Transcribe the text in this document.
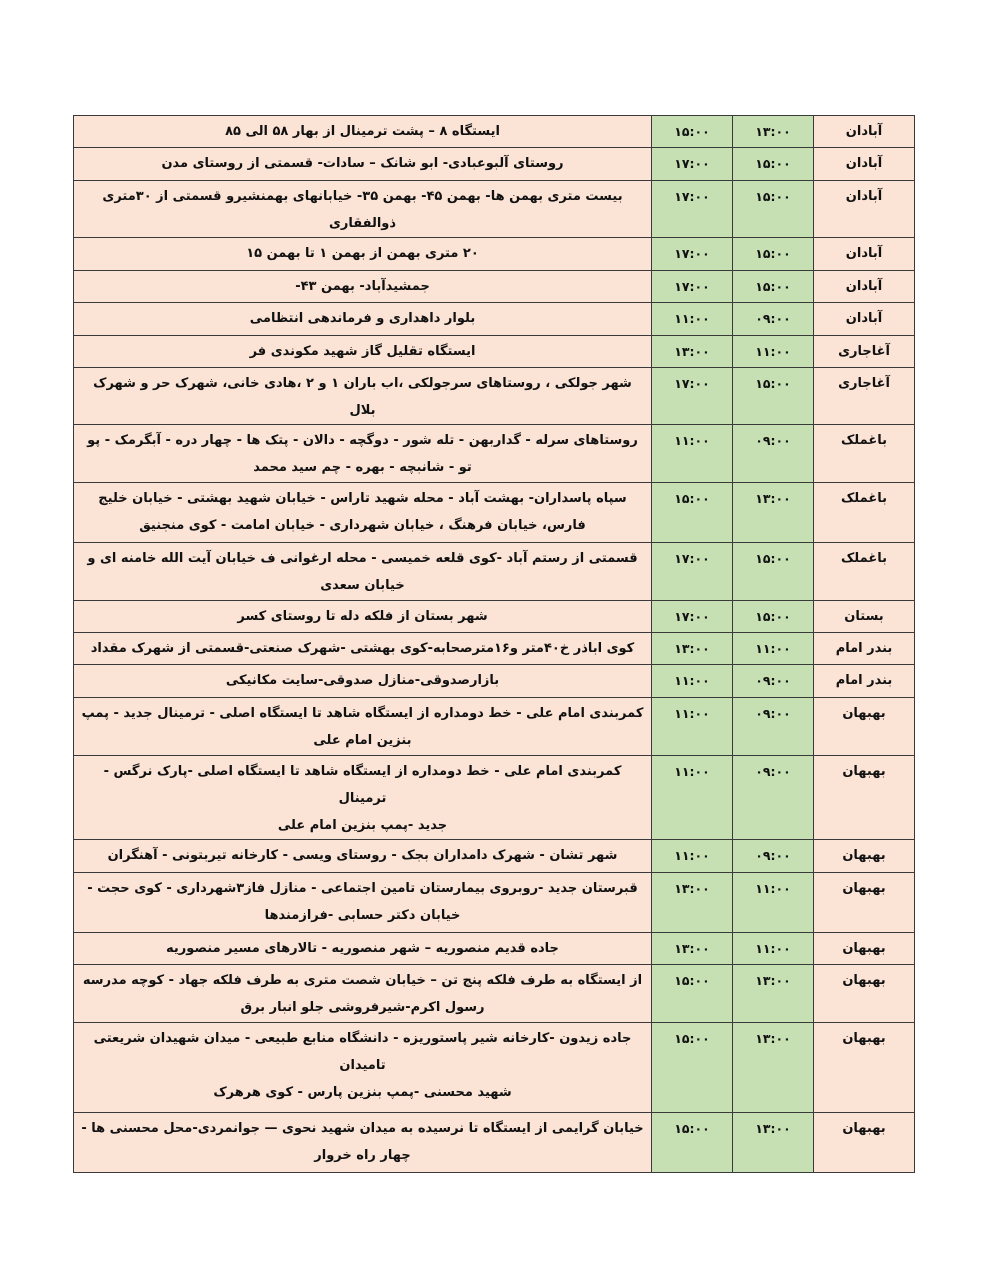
آبادان	۱۳:۰۰	۱۵:۰۰	ایستگاه ۸ – پشت ترمینال از بهار ۵۸ الی ۸۵
آبادان	۱۵:۰۰	۱۷:۰۰	روستای آلبوعبادی- ابو شانک – سادات- قسمتی از روستای مدن
آبادان	۱۵:۰۰	۱۷:۰۰	بیست متری بهمن ها- بهمن ۴۵- بهمن ۳۵- خیابانهای بهمنشیرو قسمتی از ۳۰متری
ذوالفقاری
آبادان	۱۵:۰۰	۱۷:۰۰	۲۰ متری بهمن از بهمن ۱ تا بهمن ۱۵
آبادان	۱۵:۰۰	۱۷:۰۰	جمشیدآباد- بهمن ۴۳-
آبادان	۰۹:۰۰	۱۱:۰۰	بلوار داهداری و فرماندهی انتظامی
آغاجاری	۱۱:۰۰	۱۳:۰۰	ایستگاه تقلیل گاز شهید مکوندی فر
آغاجاری	۱۵:۰۰	۱۷:۰۰	شهر جولکی ، روستاهای سرجولکی ،اب باران ۱ و ۲ ،هادی خانی، شهرک حر و شهرک بلال
باغملک	۰۹:۰۰	۱۱:۰۰	روستاهای سرله - گداربهن - تله شور - دوگچه - دالان - پتک ها - چهار دره - آبگرمک - پو
تو - شانبچه - بهره - چم سید محمد
باغملک	۱۳:۰۰	۱۵:۰۰	سپاه پاسداران- بهشت آباد - محله شهید تاراس - خیابان شهید بهشتی - خیابان خلیج
فارس، خیابان فرهنگ ، خیابان شهرداری - خیابان امامت - کوی منجنیق
باغملک	۱۵:۰۰	۱۷:۰۰	قسمتی از رستم آباد -کوی قلعه خمیسی - محله ارغوانی ف خیابان آیت الله خامنه ای و
خیابان سعدی
بستان	۱۵:۰۰	۱۷:۰۰	شهر بستان از فلکه دله تا روستای کسر
بندر امام	۱۱:۰۰	۱۳:۰۰	کوی اباذر خ۴۰متر و۱۶مترصحابه-کوی بهشتی -شهرک صنعتی-قسمتی از شهرک مقداد
بندر امام	۰۹:۰۰	۱۱:۰۰	بازارصدوقی-منازل صدوقی-سایت مکانیکی
بهبهان	۰۹:۰۰	۱۱:۰۰	کمربندی امام علی - خط دومداره از ایستگاه شاهد تا ایستگاه اصلی - ترمینال جدید - پمپ
بنزین امام علی
بهبهان	۰۹:۰۰	۱۱:۰۰	کمربندی امام علی - خط دومداره از ایستگاه شاهد تا ایستگاه اصلی -پارک نرگس - ترمینال
جدید -پمپ بنزین امام علی
بهبهان	۰۹:۰۰	۱۱:۰۰	شهر تشان - شهرک دامداران بجک - روستای ویسی - کارخانه تیربتونی - آهنگران
بهبهان	۱۱:۰۰	۱۳:۰۰	قبرستان جدید -روبروی بیمارستان تامین اجتماعی - منازل فاز۳شهرداری - کوی حجت -
خیابان دکتر حسابی -فرازمندها
بهبهان	۱۱:۰۰	۱۳:۰۰	جاده قدیم منصوریه – شهر منصوریه - تالارهای مسیر منصوریه
بهبهان	۱۳:۰۰	۱۵:۰۰	از ایستگاه به طرف فلکه پنج تن – خیابان شصت متری به طرف فلکه جهاد - کوچه مدرسه
رسول اکرم-شیرفروشی جلو انبار برق
بهبهان	۱۳:۰۰	۱۵:۰۰	جاده زیدون -کارخانه شیر پاستوریزه - دانشگاه منابع طبیعی - میدان شهیدان شریعتی
تامیدان
شهید محسنی -پمپ بنزین پارس - کوی هرهرک
بهبهان	۱۳:۰۰	۱۵:۰۰	خیابان گرایمی از ایستگاه تا نرسیده به میدان شهید نحوی — جوانمردی-محل محسنی ها -
چهار راه خروار
